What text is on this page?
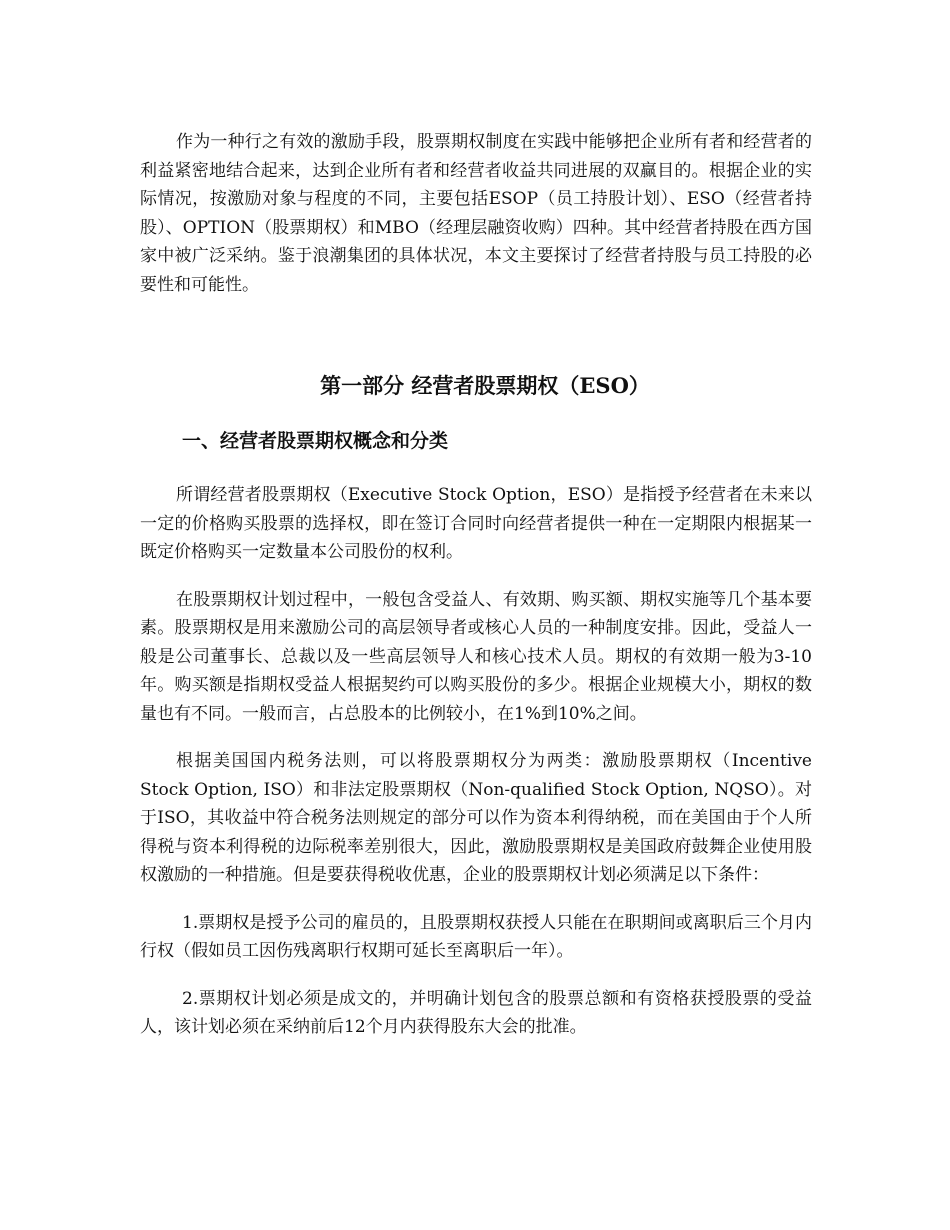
作为一种行之有效的激励手段，股票期权制度在实践中能够把企业所有者和经营者的利益紧密地结合起来，达到企业所有者和经营者收益共同进展的双赢目的。根据企业的实际情况，按激励对象与程度的不同，主要包括ESOP（员工持股计划）、ESO（经营者持股）、OPTION（股票期权）和MBO（经理层融资收购）四种。其中经营者持股在西方国家中被广泛采纳。鉴于浪潮集团的具体状况，本文主要探讨了经营者持股与员工持股的必要性和可能性。

第一部分 经营者股票期权（ESO）
一、经营者股票期权概念和分类

所谓经营者股票期权（Executive Stock Option，ESO）是指授予经营者在未来以一定的价格购买股票的选择权，即在签订合同时向经营者提供一种在一定期限内根据某一既定价格购买一定数量本公司股份的权利。

在股票期权计划过程中，一般包含受益人、有效期、购买额、期权实施等几个基本要素。股票期权是用来激励公司的高层领导者或核心人员的一种制度安排。因此，受益人一般是公司董事长、总裁以及一些高层领导人和核心技术人员。期权的有效期一般为3-10年。购买额是指期权受益人根据契约可以购买股份的多少。根据企业规模大小，期权的数量也有不同。一般而言，占总股本的比例较小，在1%到10%之间。

根据美国国内税务法则，可以将股票期权分为两类：激励股票期权（Incentive Stock Option, ISO）和非法定股票期权（Non-qualified Stock Option, NQSO）。对于ISO，其收益中符合税务法则规定的部分可以作为资本利得纳税，而在美国由于个人所得税与资本利得税的边际税率差别很大，因此，激励股票期权是美国政府鼓舞企业使用股权激励的一种措施。但是要获得税收优惠，企业的股票期权计划必须满足以下条件：

1.票期权是授予公司的雇员的，且股票期权获授人只能在在职期间或离职后三个月内行权（假如员工因伤残离职行权期可延长至离职后一年）。

2.票期权计划必须是成文的，并明确计划包含的股票总额和有资格获授股票的受益人，该计划必须在采纳前后12个月内获得股东大会的批准。
